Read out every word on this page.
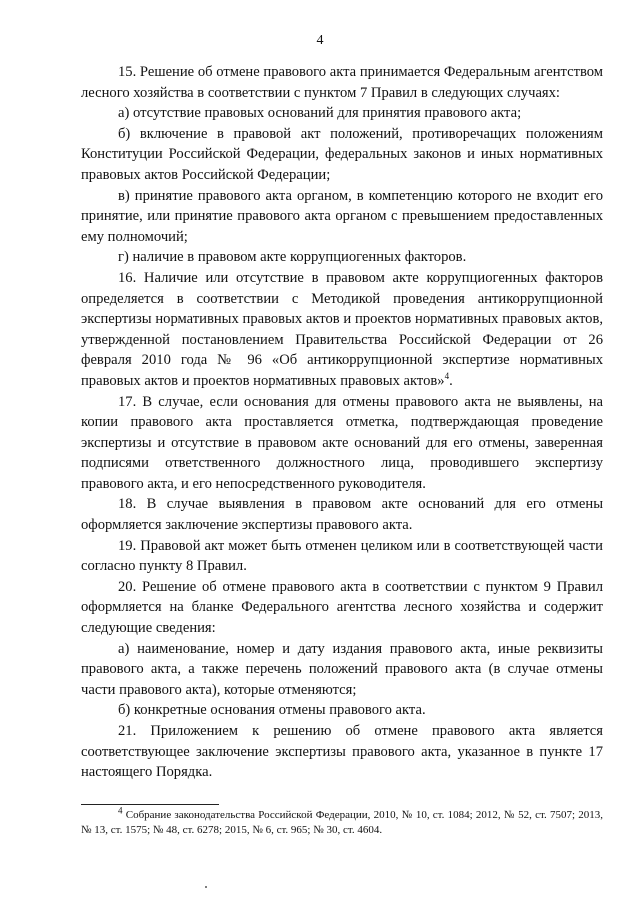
4

15. Решение об отмене правового акта принимается Федеральным агентством лесного хозяйства в соответствии с пунктом 7 Правил в следующих случаях:

а) отсутствие правовых оснований для принятия правового акта;

б) включение в правовой акт положений, противоречащих положениям Конституции Российской Федерации, федеральных законов и иных нормативных правовых актов Российской Федерации;

в) принятие правового акта органом, в компетенцию которого не входит его принятие, или принятие правового акта органом с превышением предоставленных ему полномочий;

г) наличие в правовом акте коррупциогенных факторов.

16. Наличие или отсутствие в правовом акте коррупциогенных факторов определяется в соответствии с Методикой проведения антикоррупционной экспертизы нормативных правовых актов и проектов нормативных правовых актов, утвержденной постановлением Правительства Российской Федерации от 26 февраля 2010 года № 96 «Об антикоррупционной экспертизе нормативных правовых актов и проектов нормативных правовых актов»$^4$.

17. В случае, если основания для отмены правового акта не выявлены, на копии правового акта проставляется отметка, подтверждающая проведение экспертизы и отсутствие в правовом акте оснований для его отмены, заверенная подписями ответственного должностного лица, проводившего экспертизу правового акта, и его непосредственного руководителя.

18. В случае выявления в правовом акте оснований для его отмены оформляется заключение экспертизы правового акта.

19. Правовой акт может быть отменен целиком или в соответствующей части согласно пункту 8 Правил.

20. Решение об отмене правового акта в соответствии с пунктом 9 Правил оформляется на бланке Федерального агентства лесного хозяйства и содержит следующие сведения:

а) наименование, номер и дату издания правового акта, иные реквизиты правового акта, а также перечень положений правового акта (в случае отмены части правового акта), которые отменяются;

б) конкретные основания отмены правового акта.

21. Приложением к решению об отмене правового акта является соответствующее заключение экспертизы правового акта, указанное в пункте 17 настоящего Порядка.

$^4$ Собрание законодательства Российской Федерации, 2010, № 10, ст. 1084; 2012, № 52, ст. 7507; 2013, № 13, ст. 1575; № 48, ст. 6278; 2015, № 6, ст. 965; № 30, ст. 4604.
